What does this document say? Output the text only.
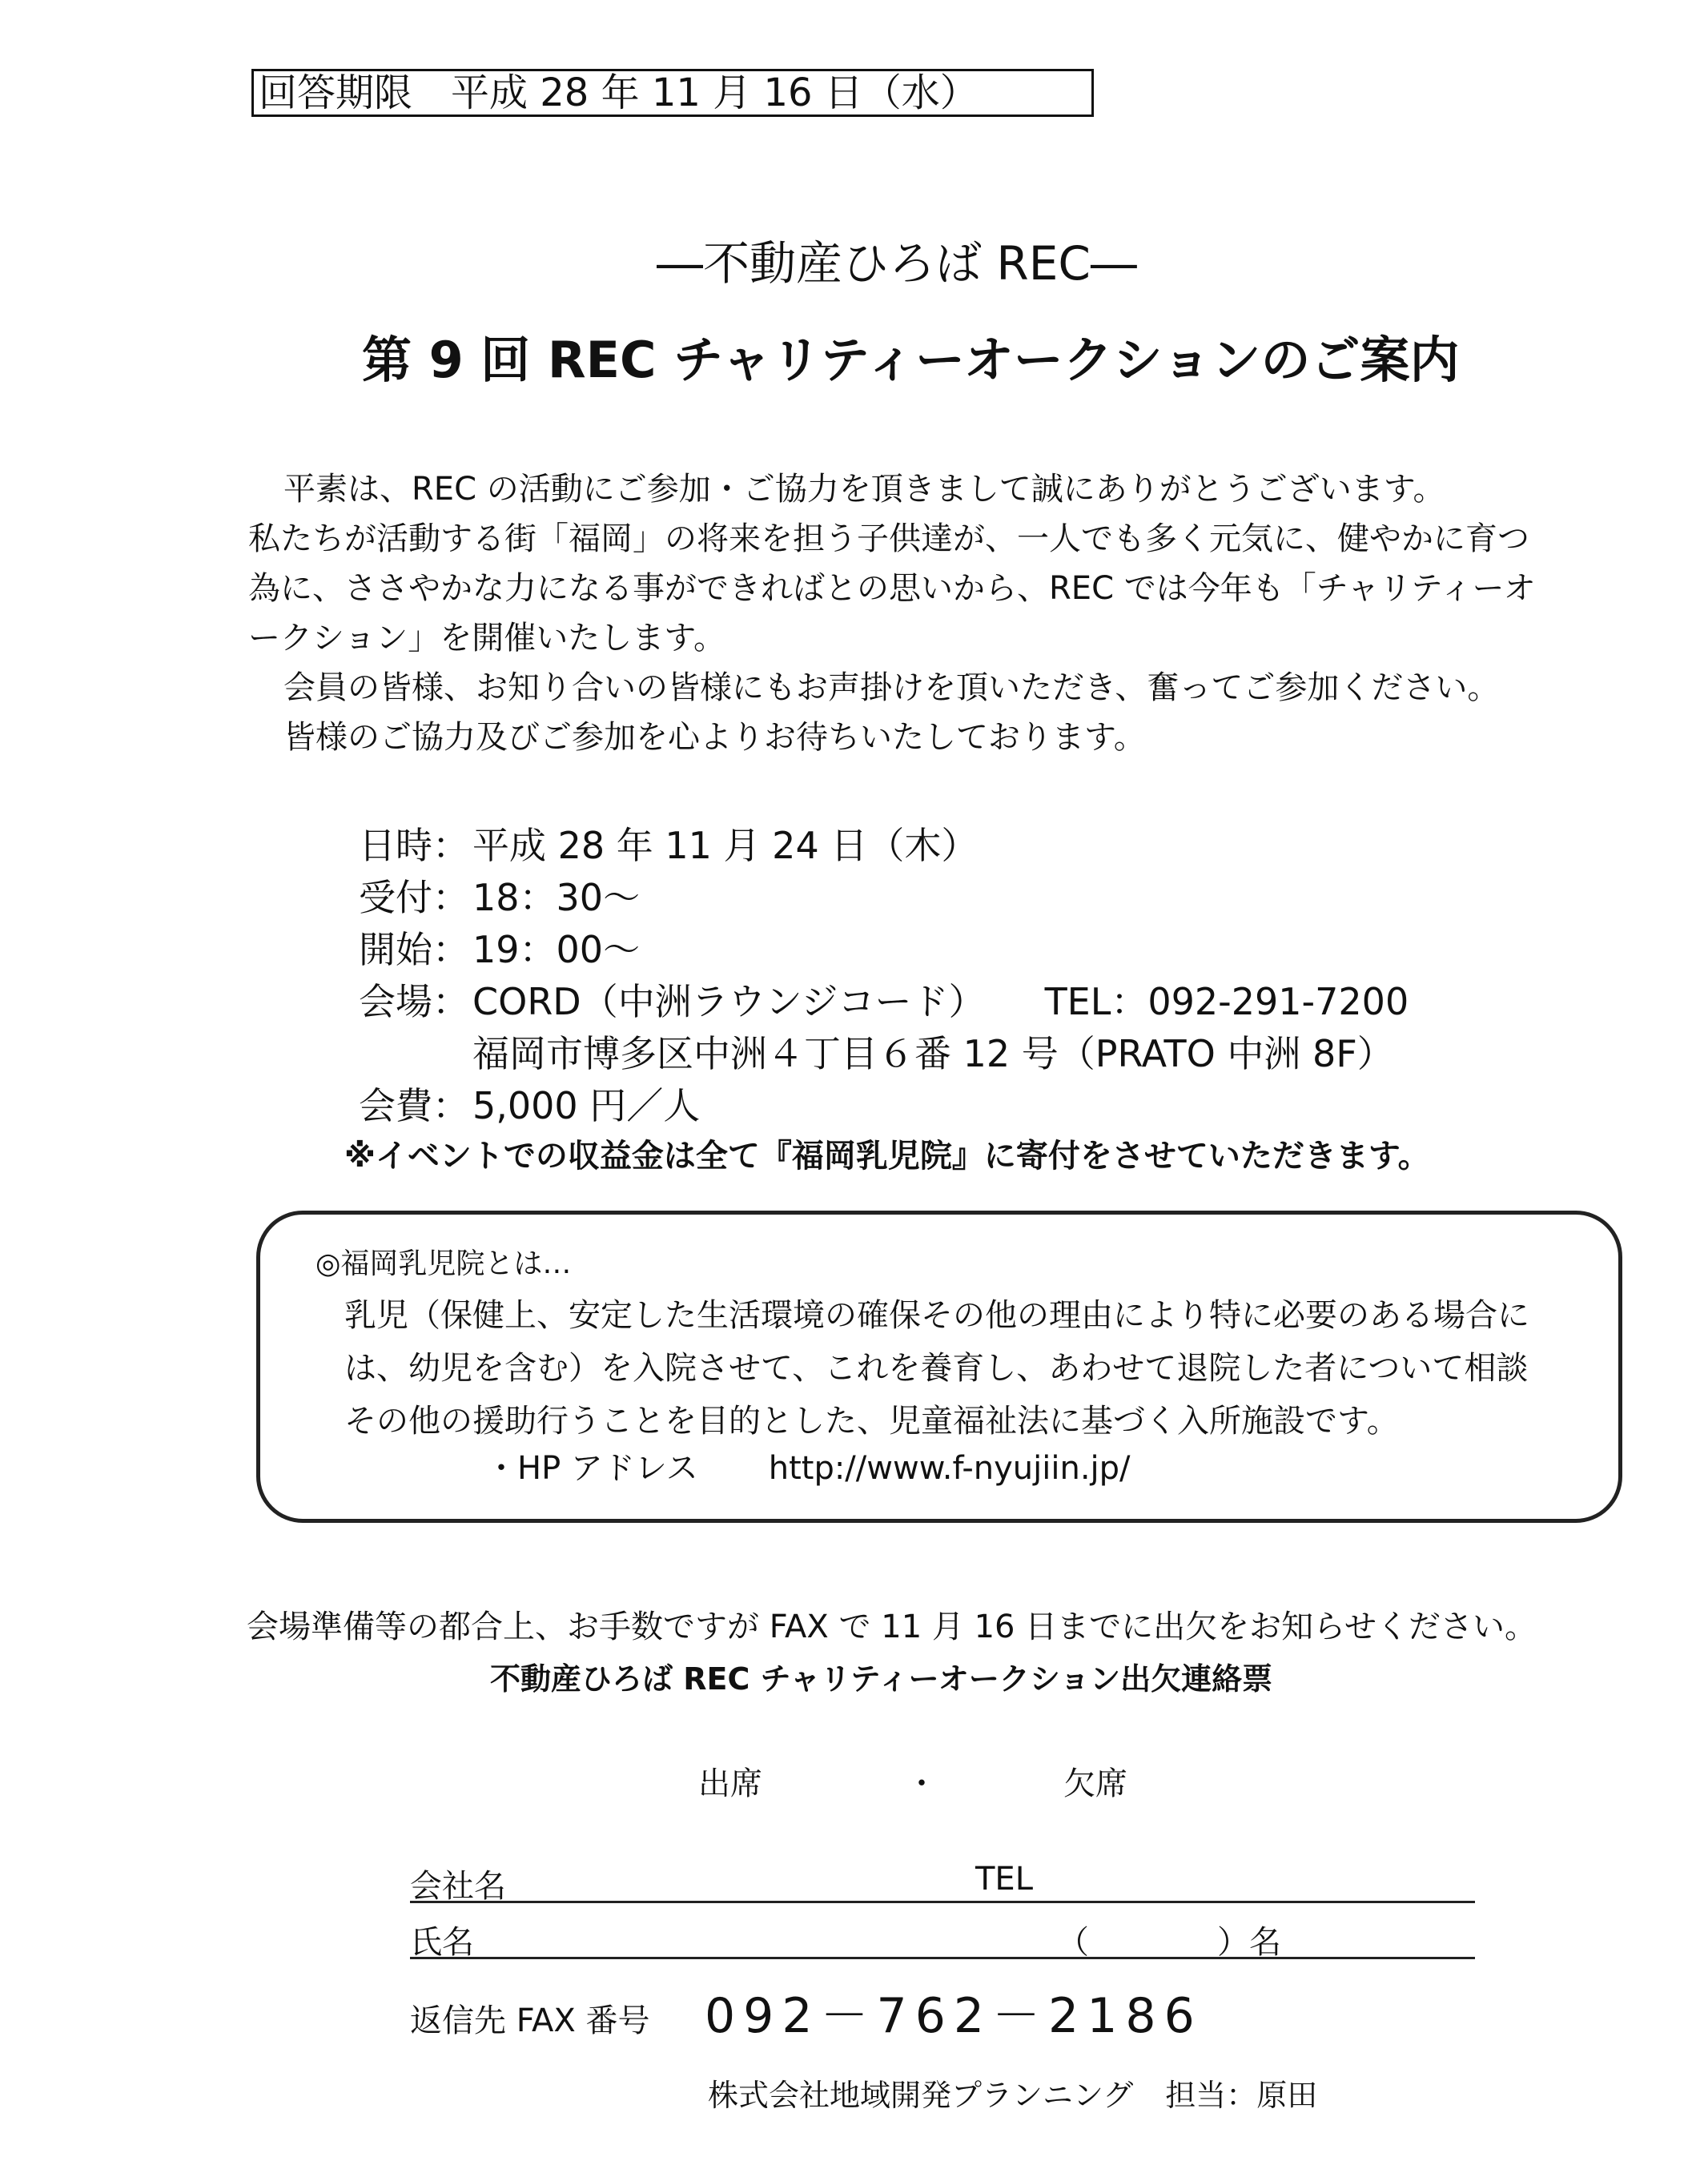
回答期限　平成 28 年 11 月 16 日（水）
―不動産ひろば REC―
第 9 回 REC チャリティーオークションのご案内
平素は、REC の活動にご参加・ご協力を頂きまして誠にありがとうございます。
私たちが活動する街「福岡」の将来を担う子供達が、一人でも多く元気に、健やかに育つ
為に、ささやかな力になる事ができればとの思いから、REC では今年も「チャリティーオ
ークション」を開催いたします。
会員の皆様、お知り合いの皆様にもお声掛けを頂いただき、奮ってご参加ください。
皆様のご協力及びご参加を心よりお待ちいたしております。
日時：平成 28 年 11 月 24 日（木）
受付：18：30～
開始：19：00～
会場：CORD（中洲ラウンジコード） TEL：092-291-7200
福岡市博多区中洲４丁目６番 12 号（PRATO 中洲 8F）
会費：5,000 円／人
※イベントでの収益金は全て『福岡乳児院』に寄付をさせていただきます。
◎福岡乳児院とは…
乳児（保健上、安定した生活環境の確保その他の理由により特に必要のある場合に
は、幼児を含む）を入院させて、これを養育し、あわせて退院した者について相談
その他の援助行うことを目的とした、児童福祉法に基づく入所施設です。
・HP アドレス http://www.f-nyujiin.jp/
会場準備等の都合上、お手数ですが FAX で 11 月 16 日までに出欠をお知らせください。
不動産ひろば REC チャリティーオークション出欠連絡票
出席	・	欠席
会社名	TEL
氏名	（　　　　）名
返信先 FAX 番号 092－762－2186
株式会社地域開発プランニング 担当：原田
